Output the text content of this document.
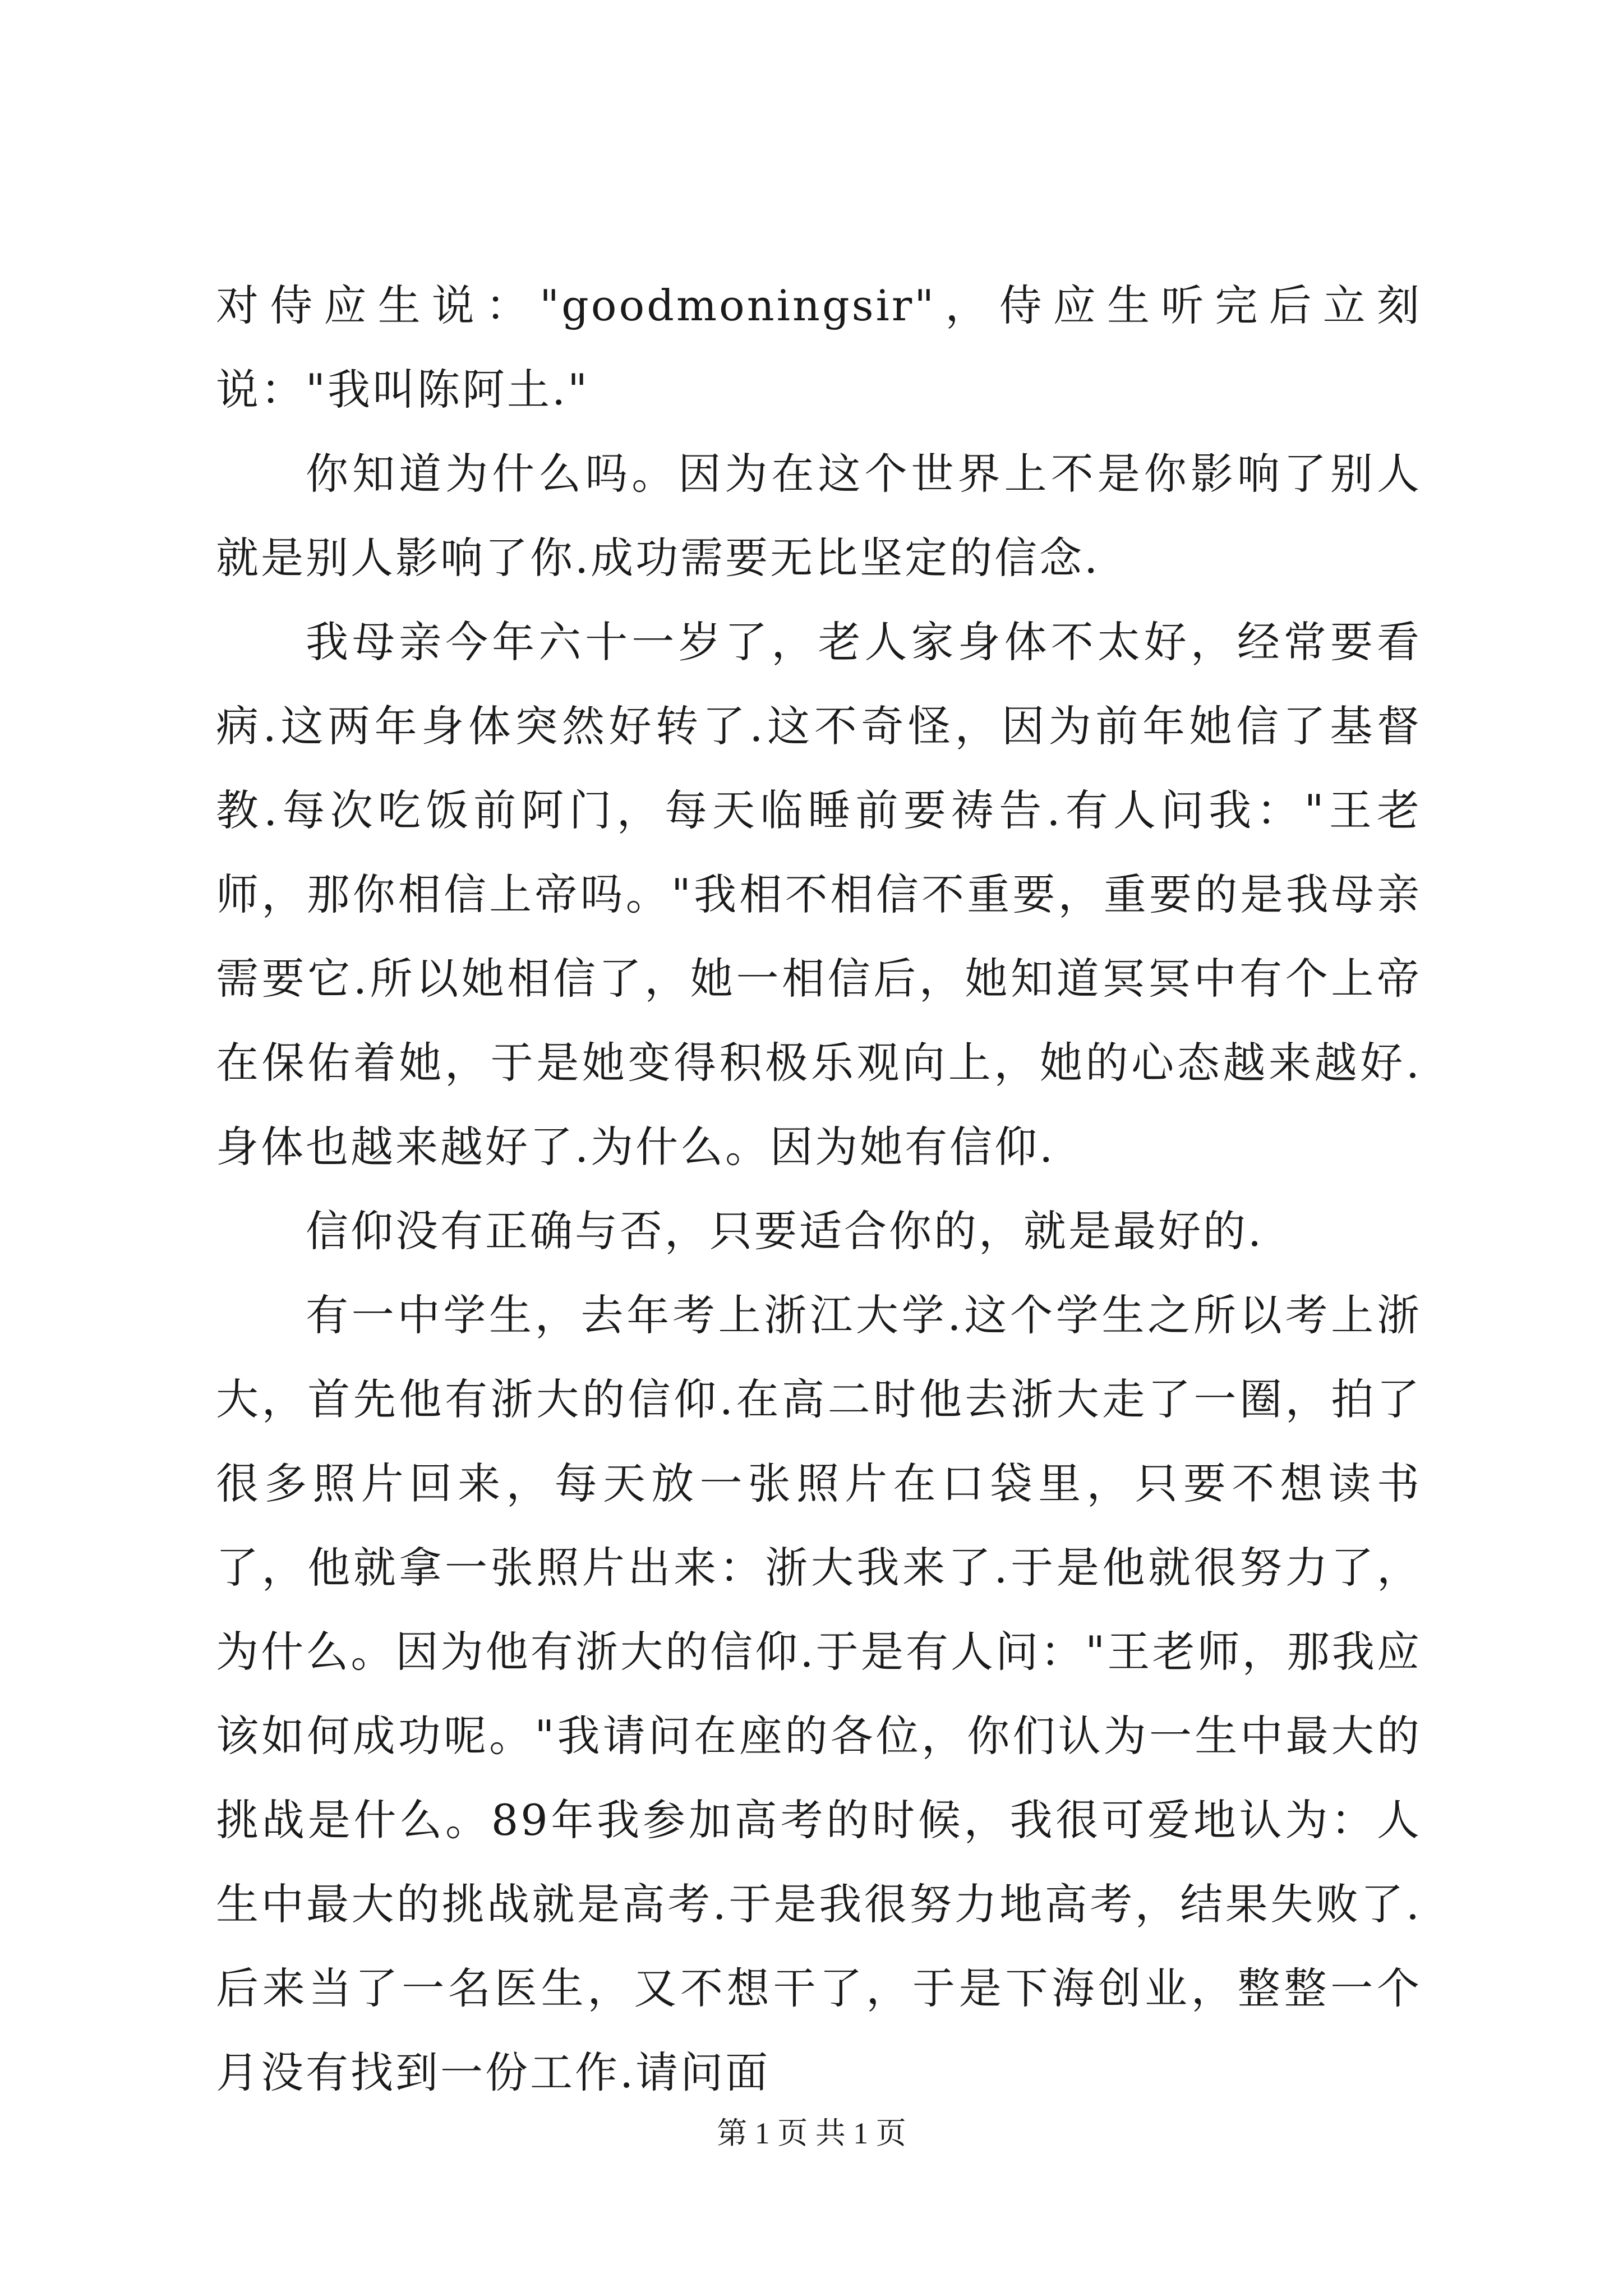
对侍应生说："goodmoningsir"，侍应生听完后立刻说："我叫陈阿土."

你知道为什么吗。因为在这个世界上不是你影响了别人就是别人影响了你.成功需要无比坚定的信念.

我母亲今年六十一岁了，老人家身体不太好，经常要看病.这两年身体突然好转了.这不奇怪，因为前年她信了基督教.每次吃饭前阿门，每天临睡前要祷告.有人问我："王老师，那你相信上帝吗。"我相不相信不重要，重要的是我母亲需要它.所以她相信了，她一相信后，她知道冥冥中有个上帝在保佑着她，于是她变得积极乐观向上，她的心态越来越好.身体也越来越好了.为什么。因为她有信仰.

信仰没有正确与否，只要适合你的，就是最好的.

有一中学生，去年考上浙江大学.这个学生之所以考上浙大，首先他有浙大的信仰.在高二时他去浙大走了一圈，拍了很多照片回来，每天放一张照片在口袋里，只要不想读书了，他就拿一张照片出来：浙大我来了.于是他就很努力了，为什么。因为他有浙大的信仰.于是有人问："王老师，那我应该如何成功呢。"我请问在座的各位，你们认为一生中最大的挑战是什么。89年我参加高考的时候，我很可爱地认为：人生中最大的挑战就是高考.于是我很努力地高考，结果失败了.后来当了一名医生，又不想干了，于是下海创业，整整一个月没有找到一份工作.请问面

第 1 页 共 1 页
